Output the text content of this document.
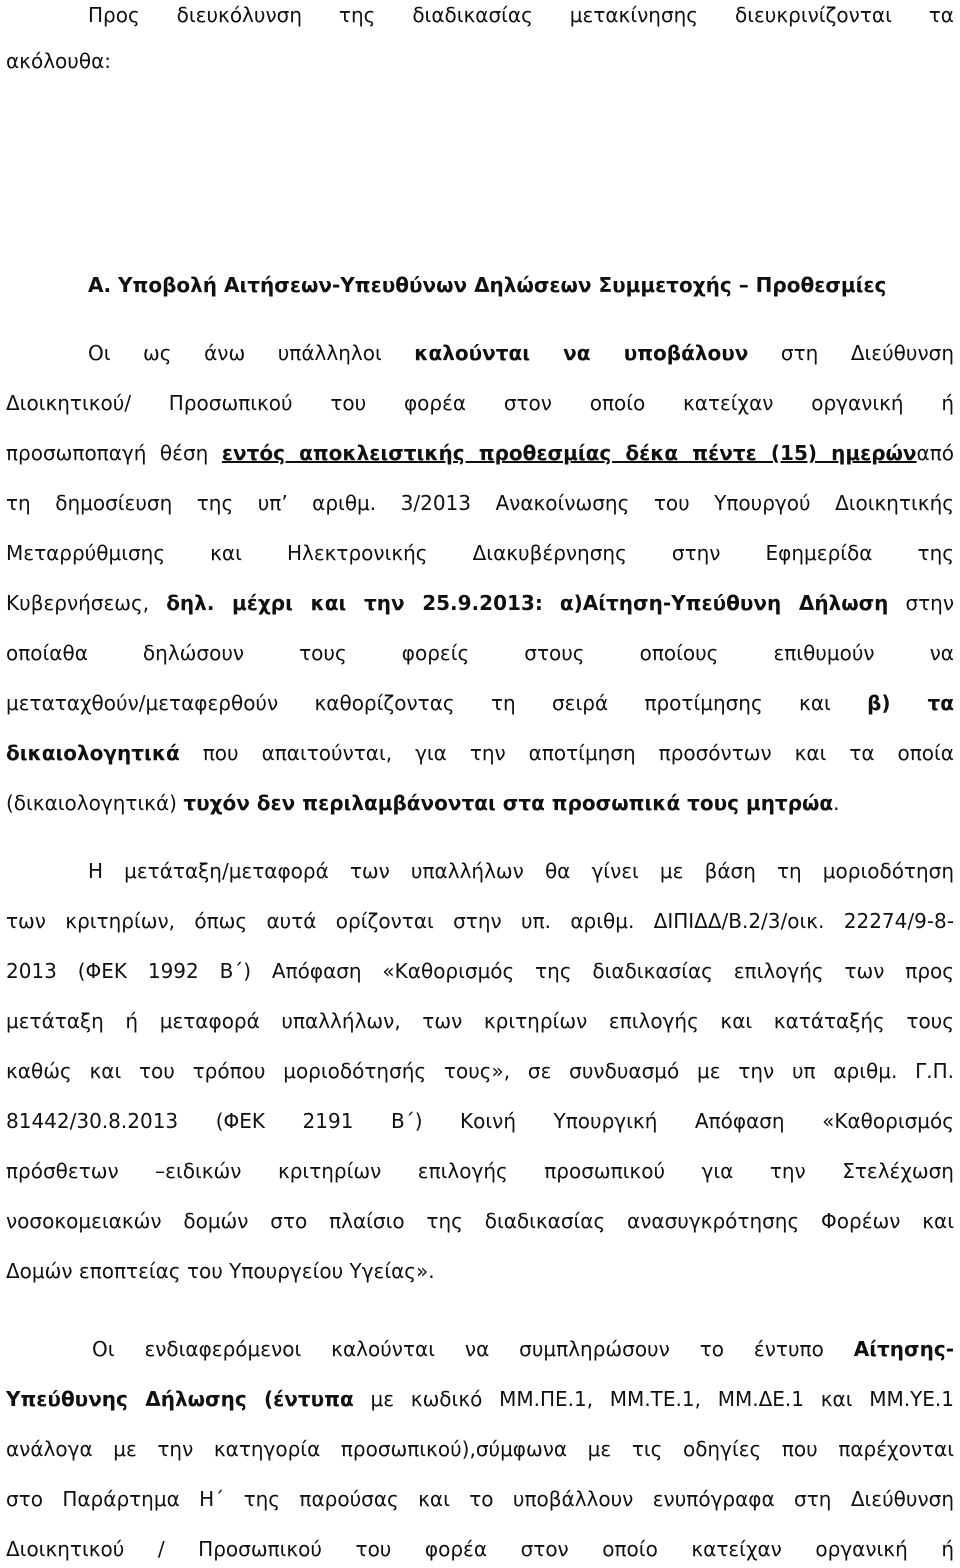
Προς διευκόλυνση της διαδικασίας μετακίνησης διευκρινίζονται τα
ακόλουθα:
Α. Υποβολή Αιτήσεων-Υπευθύνων Δηλώσεων Συμμετοχής – Προθεσμίες
Οι ως άνω υπάλληλοι καλούνται να υποβάλουν στη Διεύθυνση
Διοικητικού/ Προσωπικού του φορέα στον οποίο κατείχαν οργανική ή
προσωποπαγή θέση εντός αποκλειστικής προθεσμίας δέκα πέντε (15) ημερώναπό
τη δημοσίευση της υπ’ αριθμ. 3/2013 Ανακοίνωσης του Υπουργού Διοικητικής
Μεταρρύθμισης και Ηλεκτρονικής Διακυβέρνησης στην Εφημερίδα της
Κυβερνήσεως, δηλ. μέχρι και την 25.9.2013: α)Αίτηση-Υπεύθυνη Δήλωση στην
οποίαθα δηλώσουν τους φορείς στους οποίους επιθυμούν να
μεταταχθούν/μεταφερθούν καθορίζοντας τη σειρά προτίμησης και β) τα
δικαιολογητικά που απαιτούνται, για την αποτίμηση προσόντων και τα οποία
(δικαιολογητικά) τυχόν δεν περιλαμβάνονται στα προσωπικά τους μητρώα.
Η μετάταξη/μεταφορά των υπαλλήλων θα γίνει με βάση τη μοριοδότηση
των κριτηρίων, όπως αυτά ορίζονται στην υπ. αριθμ. ΔΙΠΙΔΔ/Β.2/3/οικ. 22274/9-8-
2013 (ΦΕΚ 1992 Β΄) Απόφαση «Καθορισμός της διαδικασίας επιλογής των προς
μετάταξη ή μεταφορά υπαλλήλων, των κριτηρίων επιλογής και κατάταξής τους
καθώς και του τρόπου μοριοδότησής τους», σε συνδυασμό με την υπ αριθμ. Γ.Π.
81442/30.8.2013 (ΦΕΚ 2191 Β΄) Κοινή Υπουργική Απόφαση «Καθορισμός
πρόσθετων –ειδικών κριτηρίων επιλογής προσωπικού για την Στελέχωση
νοσοκομειακών δομών στο πλαίσιο της διαδικασίας ανασυγκρότησης Φορέων και
Δομών εποπτείας του Υπουργείου Υγείας».
Οι ενδιαφερόμενοι καλούνται να συμπληρώσουν το έντυπο Αίτησης-
Υπεύθυνης Δήλωσης (έντυπα με κωδικό ΜΜ.ΠΕ.1, ΜΜ.ΤΕ.1, ΜΜ.ΔΕ.1 και ΜΜ.ΥΕ.1
ανάλογα με την κατηγορία προσωπικού),σύμφωνα με τις οδηγίες που παρέχονται
στο Παράρτημα Η΄ της παρούσας και το υποβάλλουν ενυπόγραφα στη Διεύθυνση
Διοικητικού / Προσωπικού του φορέα στον οποίο κατείχαν οργανική ή
